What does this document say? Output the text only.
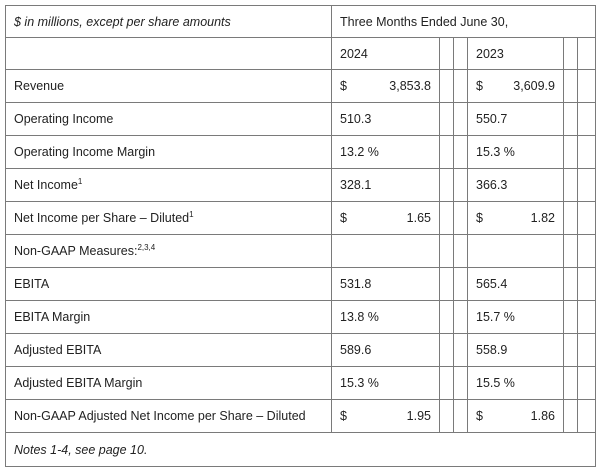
$ in millions, except per share amounts	Three Months Ended June 30,					
	2024			2023		
Revenue	$ 3,853.8			$ 3,609.9		

Operating Income	510.3			550.7		
Operating Income Margin	13.2 %			15.3 %		
Net Income$^1$	328.1			366.3		
Net Income per Share – Diluted$^1$	$ 1.65			$ 1.82		

Non-GAAP Measures:$^{2,3,4}$						
EBITA	531.8			565.4		
EBITA Margin	13.8 %			15.7 %		
Adjusted EBITA	589.6			558.9		
Adjusted EBITA Margin	15.3 %			15.5 %		
Non-GAAP Adjusted Net Income per Share – Diluted	$ 1.95			$ 1.86		

Notes 1-4, see page 10.						
